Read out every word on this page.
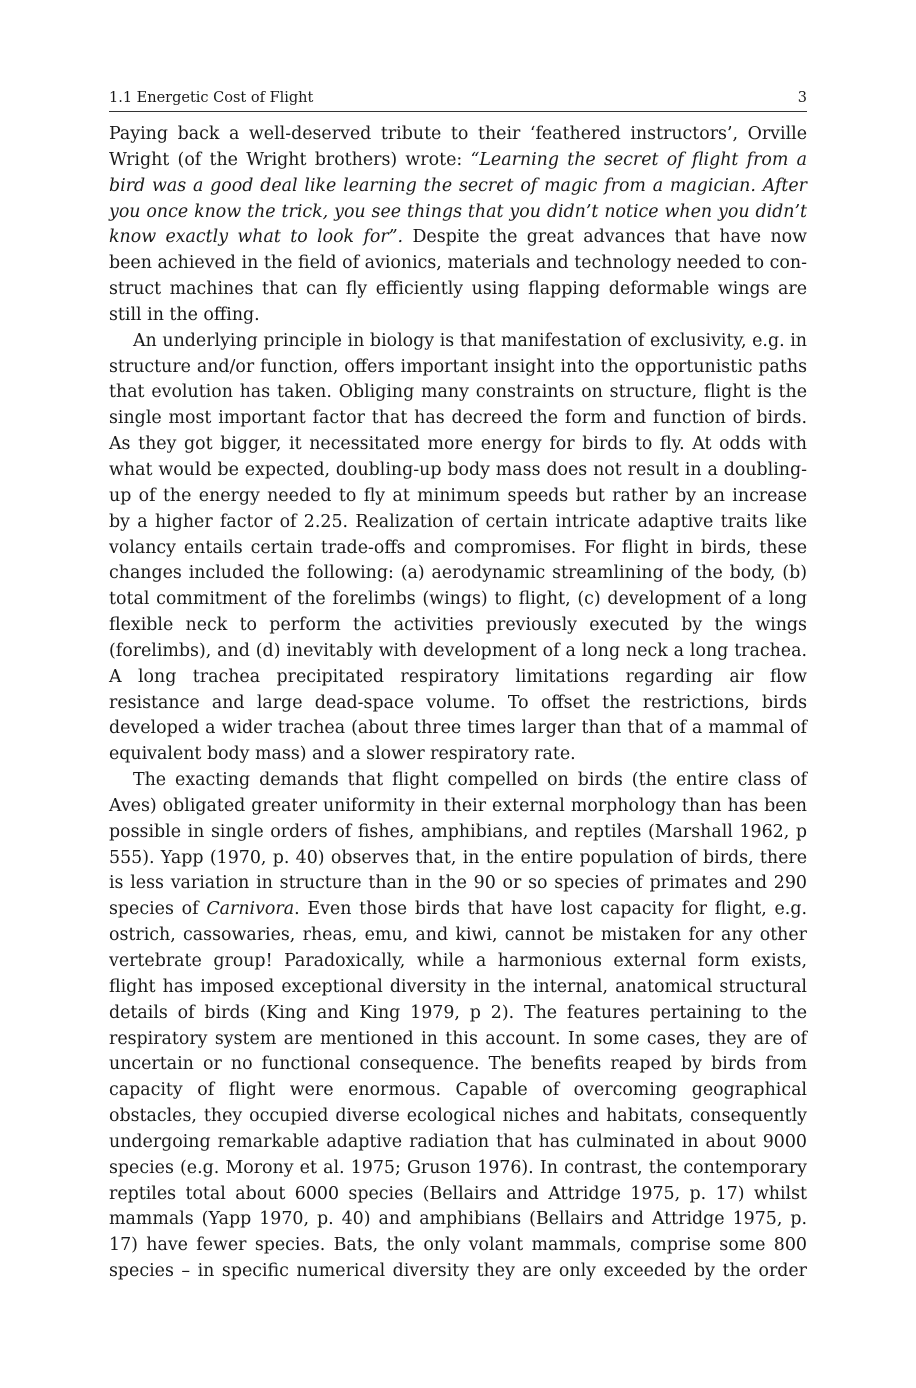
1.1 Energetic Cost of Flight	3

Paying back a well-deserved tribute to their ‘feathered instructors’, Orville Wright (of the Wright brothers) wrote: “Learning the secret of flight from a bird was a good deal like learning the secret of magic from a magician. After you once know the trick, you see things that you didn’t notice when you didn’t know exactly what to look for”. Despite the great advances that have now been achieved in the field of avionics, materials and technology needed to construct machines that can fly efficiently using flapping deformable wings are still in the offing.

An underlying principle in biology is that manifestation of exclusivity, e.g. in structure and/or function, offers important insight into the opportunistic paths that evolution has taken. Obliging many constraints on structure, flight is the single most important factor that has decreed the form and function of birds. As they got bigger, it necessitated more energy for birds to fly. At odds with what would be expected, doubling-up body mass does not result in a doubling-up of the energy needed to fly at minimum speeds but rather by an increase by a higher factor of 2.25. Realization of certain intricate adaptive traits like volancy entails certain trade-offs and compromises. For flight in birds, these changes included the following: (a) aerodynamic streamlining of the body, (b) total commitment of the forelimbs (wings) to flight, (c) development of a long flexible neck to perform the activities previously executed by the wings (forelimbs), and (d) inevitably with development of a long neck a long trachea. A long trachea precipitated respiratory limitations regarding air flow resistance and large dead-space volume. To offset the restrictions, birds developed a wider trachea (about three times larger than that of a mammal of equivalent body mass) and a slower respiratory rate.

The exacting demands that flight compelled on birds (the entire class of Aves) obligated greater uniformity in their external morphology than has been possible in single orders of fishes, amphibians, and reptiles (Marshall 1962, p 555). Yapp (1970, p. 40) observes that, in the entire population of birds, there is less variation in structure than in the 90 or so species of primates and 290 species of Carnivora. Even those birds that have lost capacity for flight, e.g. ostrich, cassowaries, rheas, emu, and kiwi, cannot be mistaken for any other vertebrate group! Paradoxically, while a harmonious external form exists, flight has imposed exceptional diversity in the internal, anatomical structural details of birds (King and King 1979, p 2). The features pertaining to the respiratory system are mentioned in this account. In some cases, they are of uncertain or no functional consequence. The benefits reaped by birds from capacity of flight were enormous. Capable of overcoming geographical obstacles, they occupied diverse ecological niches and habitats, consequently undergoing remarkable adaptive radiation that has culminated in about 9000 species (e.g. Morony et al. 1975; Gruson 1976). In contrast, the contemporary reptiles total about 6000 species (Bellairs and Attridge 1975, p. 17) whilst mammals (Yapp 1970, p. 40) and amphibians (Bellairs and Attridge 1975, p. 17) have fewer species. Bats, the only volant mammals, comprise some 800 species – in specific numerical diversity they are only exceeded by the order
